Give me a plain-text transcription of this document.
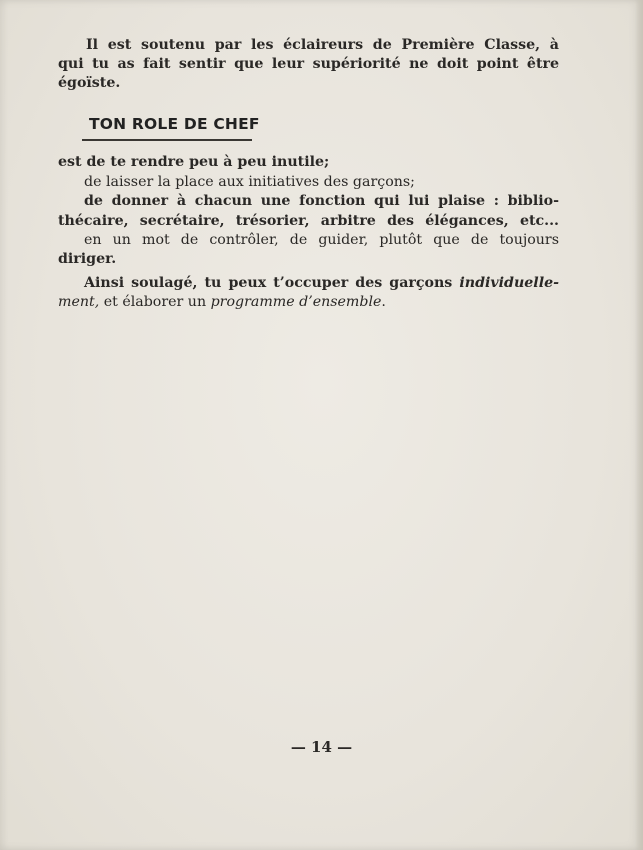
Il est soutenu par les éclaireurs de Première Classe, à
qui tu as fait sentir que leur supériorité ne doit point être
égoïste.
TON ROLE DE CHEF
est de te rendre peu à peu inutile;
de laisser la place aux initiatives des garçons;
de donner à chacun une fonction qui lui plaise : biblio-
thécaire, secrétaire, trésorier, arbitre des élégances, etc...
en un mot de contrôler, de guider, plutôt que de toujours
diriger.
Ainsi soulagé, tu peux t’occuper des garçons individuelle-
ment, et élaborer un programme d’ensemble.
— 14 —
